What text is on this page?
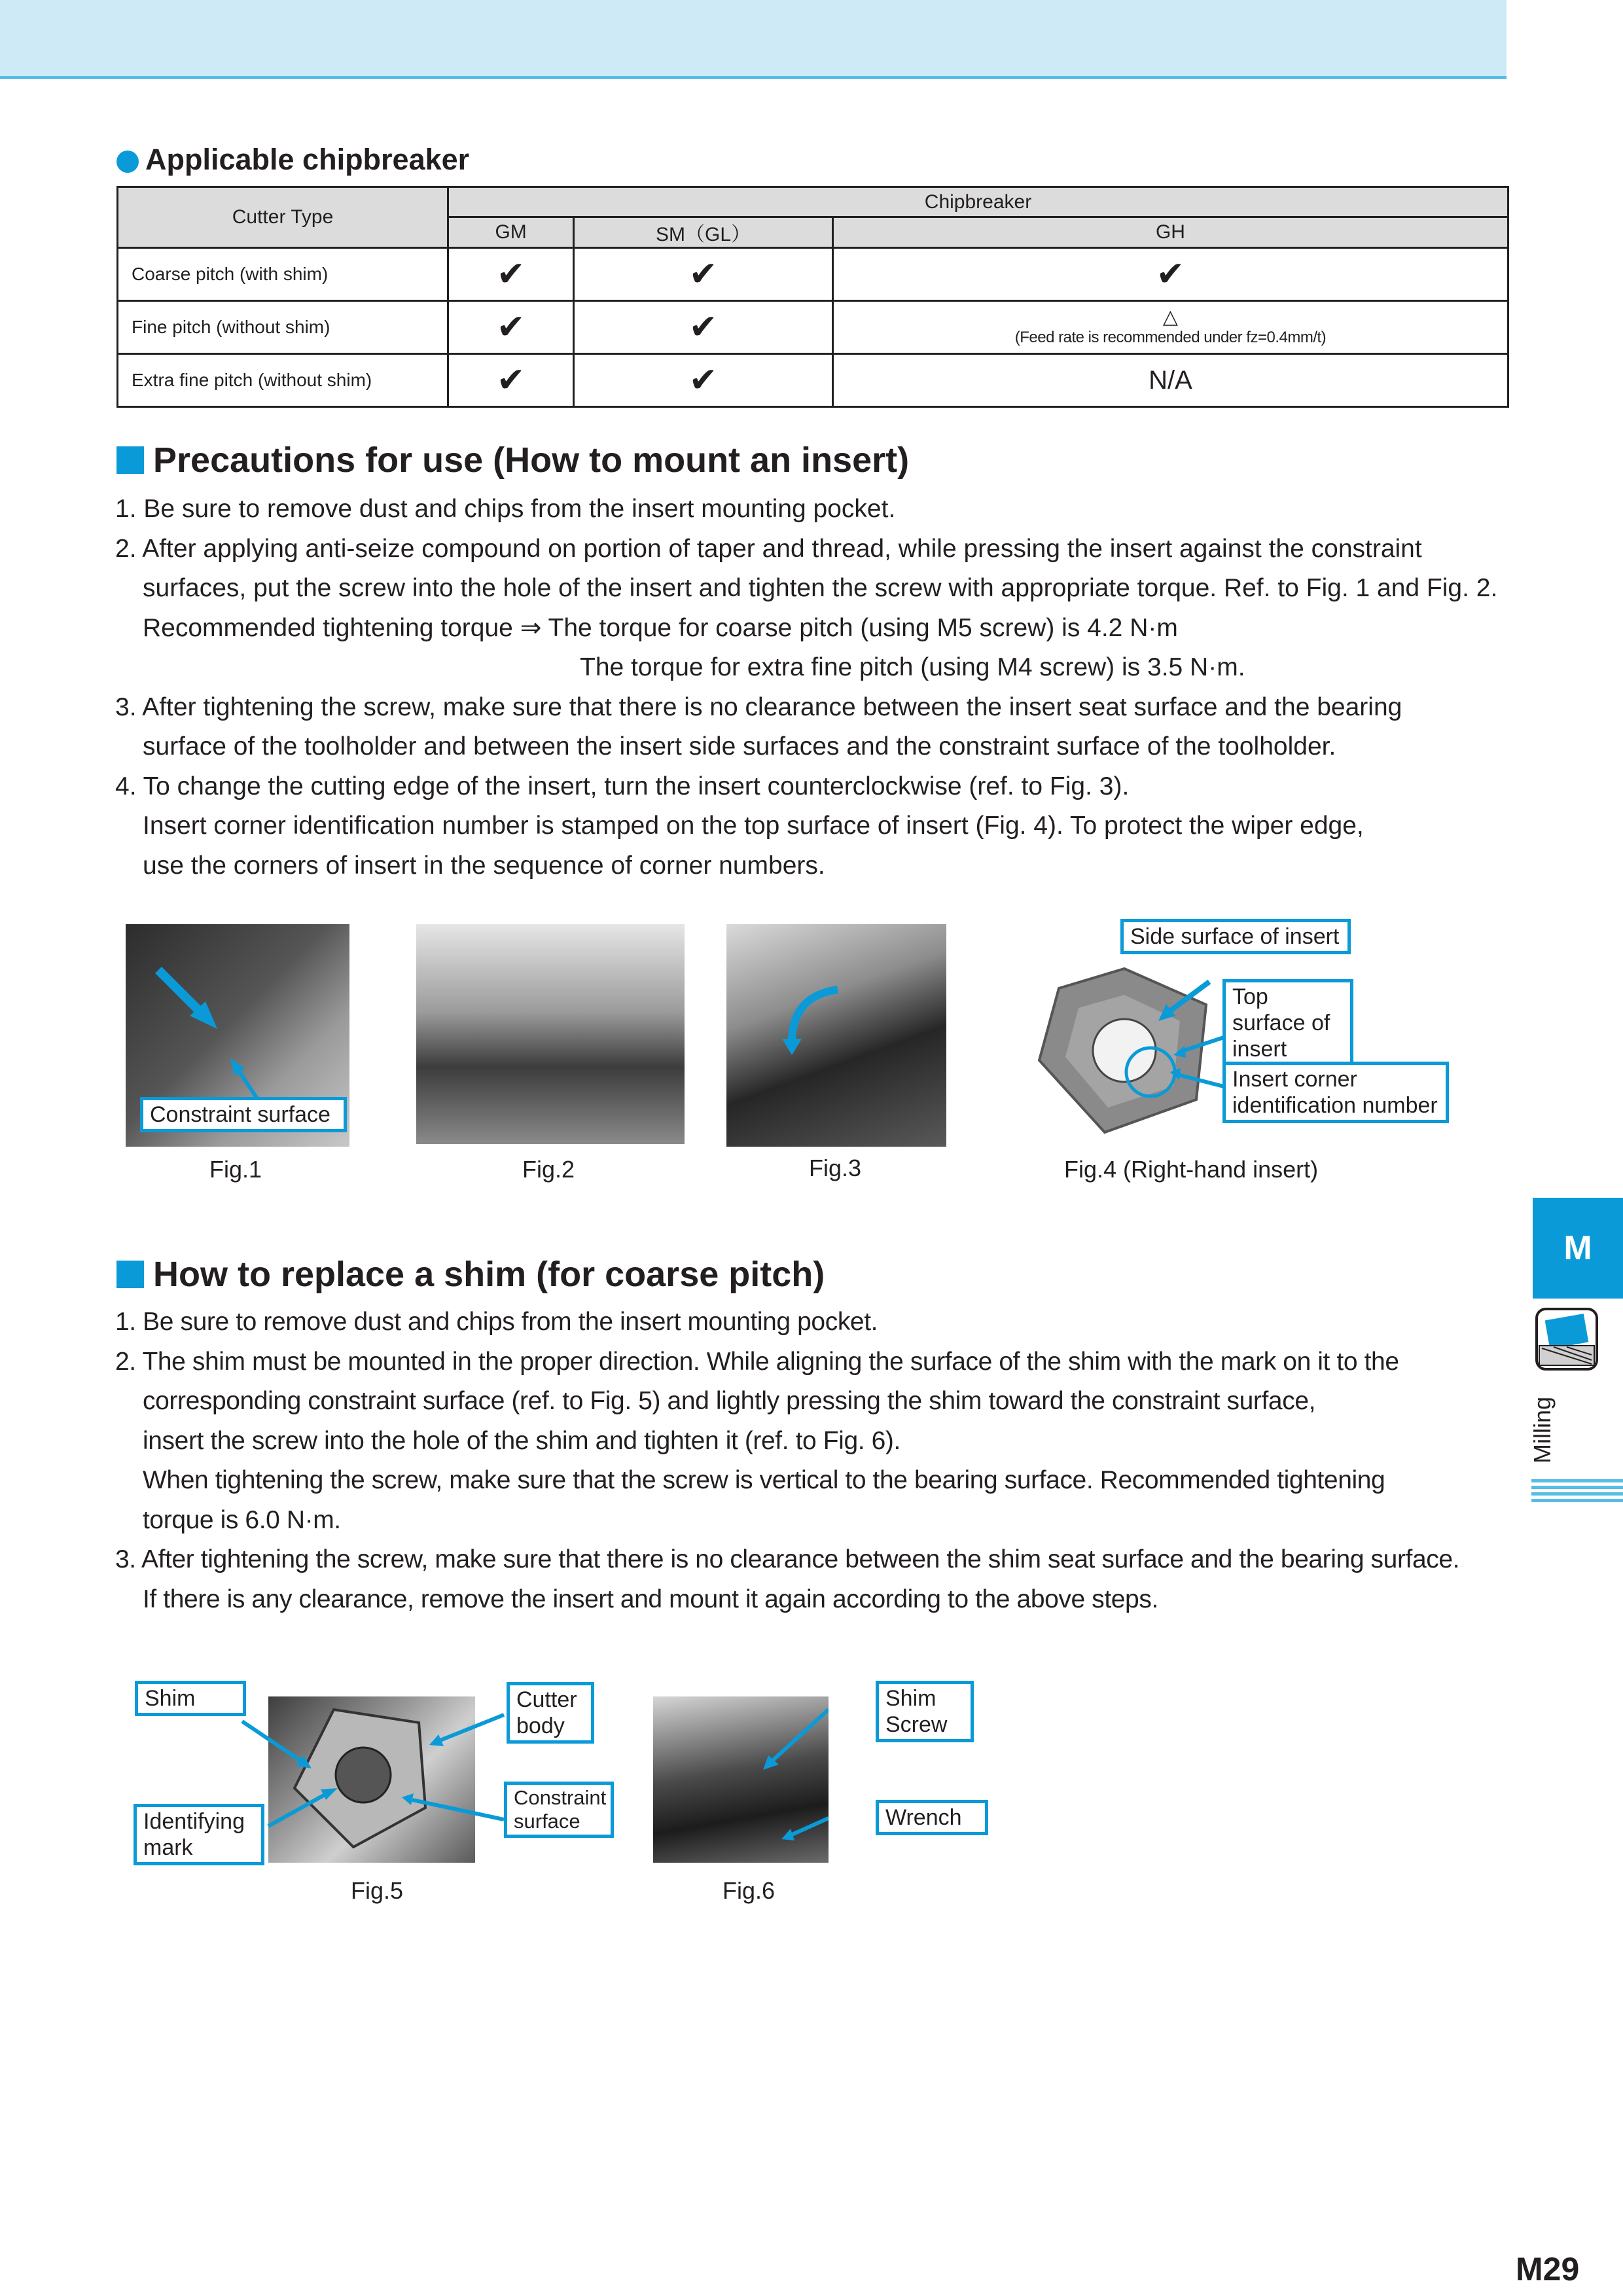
Applicable chipbreaker
Cutter Type	Chipbreaker		
	GM	SM（GL）	GH
Coarse pitch (with shim)	✔	✔	✔
Fine pitch (without shim)	✔	✔	△
(Feed rate is recommended under fz=0.4mm/t)

Extra fine pitch (without shim)	✔	✔	N/A
Precautions for use (How to mount an insert)
1. Be sure to remove dust and chips from the insert mounting pocket.
2. After applying anti-seize compound on portion of taper and thread, while pressing the insert against the constraint
surfaces, put the screw into the hole of the insert and tighten the screw with appropriate torque. Ref. to Fig. 1 and Fig. 2.
Recommended tightening torque ⇒ The torque for coarse pitch (using M5 screw) is 4.2 N·m
The torque for extra fine pitch (using M4 screw) is 3.5 N·m.
3. After tightening the screw, make sure that there is no clearance between the insert seat surface and the bearing
surface of the toolholder and between the insert side surfaces and the constraint surface of the toolholder.
4. To change the cutting edge of the insert, turn the insert counterclockwise (ref. to Fig. 3).
Insert corner identification number is stamped on the top surface of insert (Fig. 4). To protect the wiper edge,
use the corners of insert in the sequence of corner numbers.
Constraint surface
Fig.1	Fig.2	Fig.3
Side surface of insert
Top surface of insert
Insert corner identification number
Fig.4 (Right-hand insert)
How to replace a shim (for coarse pitch)
1. Be sure to remove dust and chips from the insert mounting pocket.
2. The shim must be mounted in the proper direction. While aligning the surface of the shim with the mark on it to the
corresponding constraint surface (ref. to Fig. 5) and lightly pressing the shim toward the constraint surface,
insert the screw into the hole of the shim and tighten it (ref. to Fig. 6).
When tightening the screw, make sure that the screw is vertical to the bearing surface. Recommended tightening
torque is 6.0 N·m.
3. After tightening the screw, make sure that there is no clearance between the shim seat surface and the bearing surface.
If there is any clearance, remove the insert and mount it again according to the above steps.
Shim
Identifying mark
Cutter body
Constraint surface
Fig.5
Shim Screw
Wrench
Fig.6
M
Milling
M29
